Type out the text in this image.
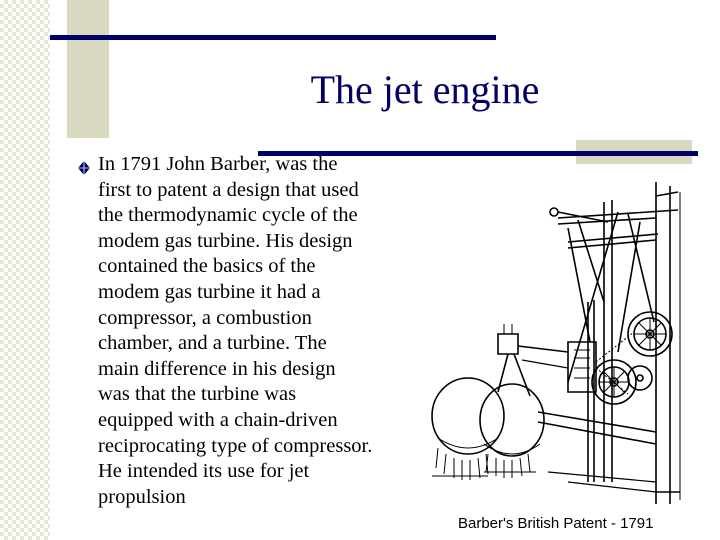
The jet engine
In 1791 John Barber, was the
first to patent a design that used
the thermodynamic cycle of the
modem gas turbine. His design
contained the basics of the
modem gas turbine it had a
compressor, a combustion
chamber, and a turbine. The
main difference in his design
was that the turbine was
equipped with a chain-driven
reciprocating type of compressor.
He intended its use for jet
propulsion
Barber's British Patent - 1791
